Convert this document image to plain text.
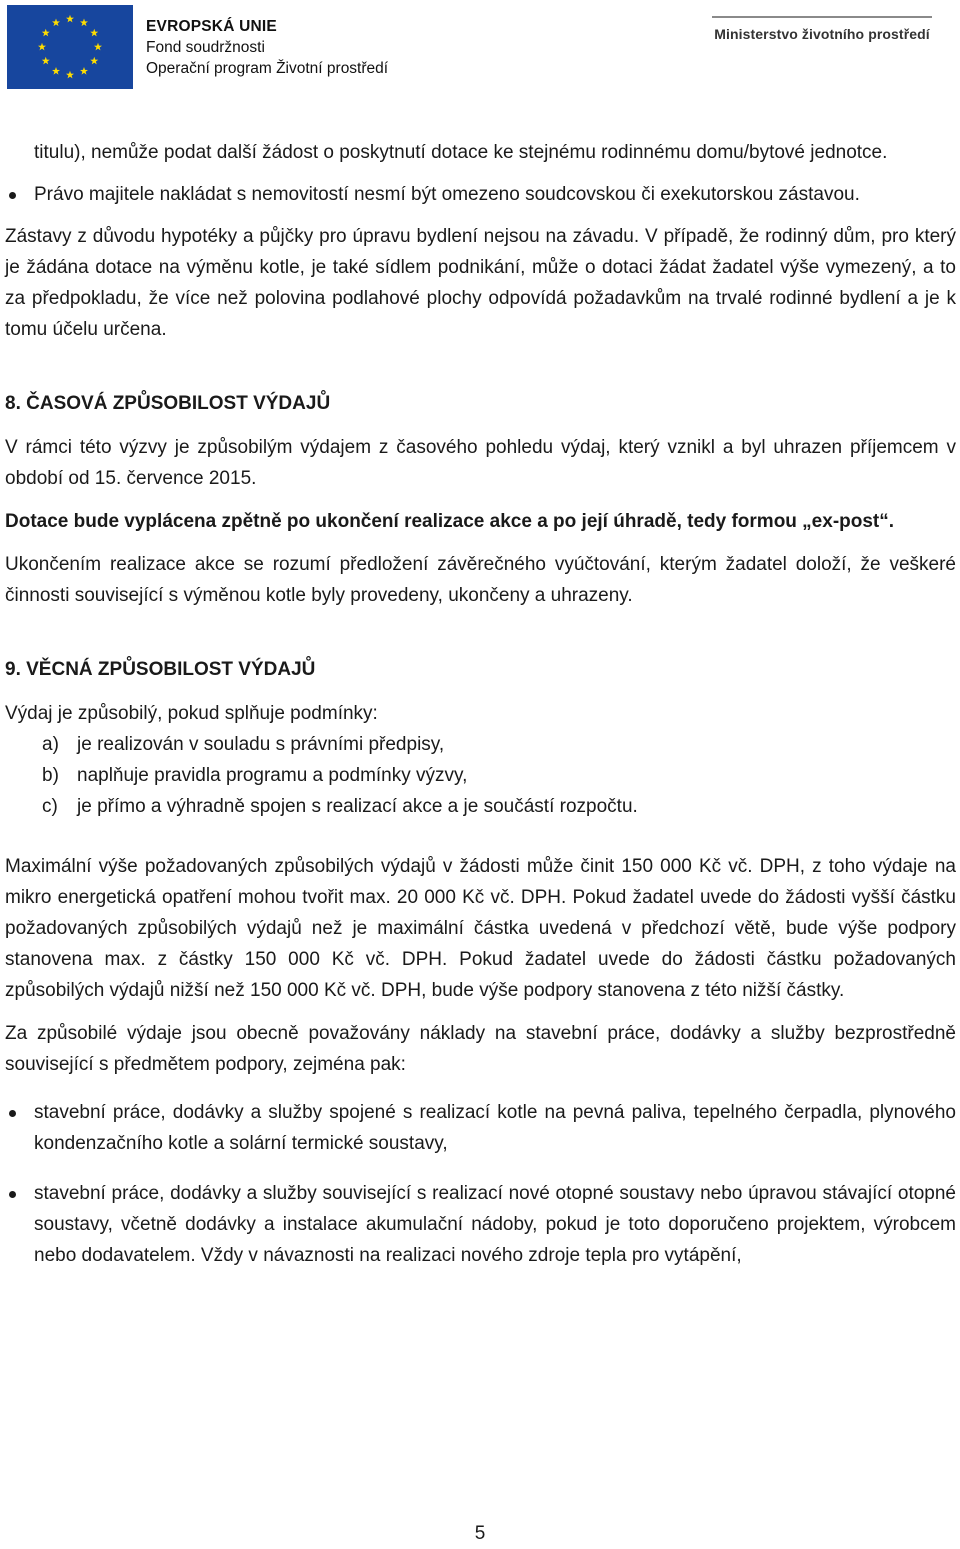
EVROPSKÁ UNIE
Fond soudržnosti
Operační program Životní prostředí
Ministerstvo životního prostředí

titulu), nemůže podat další žádost o poskytnutí dotace ke stejnému rodinnému domu/bytové jednotce.

Právo majitele nakládat s nemovitostí nesmí být omezeno soudcovskou či exekutorskou zástavou.

Zástavy z důvodu hypotéky a půjčky pro úpravu bydlení nejsou na závadu. V případě, že rodinný dům, pro který je žádána dotace na výměnu kotle, je také sídlem podnikání, může o dotaci žádat žadatel výše vymezený, a to za předpokladu, že více než polovina podlahové plochy odpovídá požadavkům na trvalé rodinné bydlení a je k tomu účelu určena.

8. ČASOVÁ ZPŮSOBILOST VÝDAJŮ

V rámci této výzvy je způsobilým výdajem z časového pohledu výdaj, který vznikl a byl uhrazen příjemcem v období od 15. července 2015.

Dotace bude vyplácena zpětně po ukončení realizace akce a po její úhradě, tedy formou „ex-post“.

Ukončením realizace akce se rozumí předložení závěrečného vyúčtování, kterým žadatel doloží, že veškeré činnosti související s výměnou kotle byly provedeny, ukončeny a uhrazeny.

9. VĚCNÁ ZPŮSOBILOST VÝDAJŮ

Výdaj je způsobilý, pokud splňuje podmínky:

a) je realizován v souladu s právními předpisy,

b) naplňuje pravidla programu a podmínky výzvy,

c) je přímo a výhradně spojen s realizací akce a je součástí rozpočtu.

Maximální výše požadovaných způsobilých výdajů v žádosti může činit 150 000 Kč vč. DPH, z toho výdaje na mikro energetická opatření mohou tvořit max. 20 000 Kč vč. DPH. Pokud žadatel uvede do žádosti vyšší částku požadovaných způsobilých výdajů než je maximální částka uvedená v předchozí větě, bude výše podpory stanovena max. z částky 150 000 Kč vč. DPH. Pokud žadatel uvede do žádosti částku požadovaných způsobilých výdajů nižší než 150 000 Kč vč. DPH, bude výše podpory stanovena z této nižší částky.

Za způsobilé výdaje jsou obecně považovány náklady na stavební práce, dodávky a služby bezprostředně související s předmětem podpory, zejména pak:

stavební práce, dodávky a služby spojené s realizací kotle na pevná paliva, tepelného čerpadla, plynového kondenzačního kotle a solární termické soustavy,

stavební práce, dodávky a služby související s realizací nové otopné soustavy nebo úpravou stávající otopné soustavy, včetně dodávky a instalace akumulační nádoby, pokud je toto doporučeno projektem, výrobcem nebo dodavatelem. Vždy v návaznosti na realizaci nového zdroje tepla pro vytápění,

5
